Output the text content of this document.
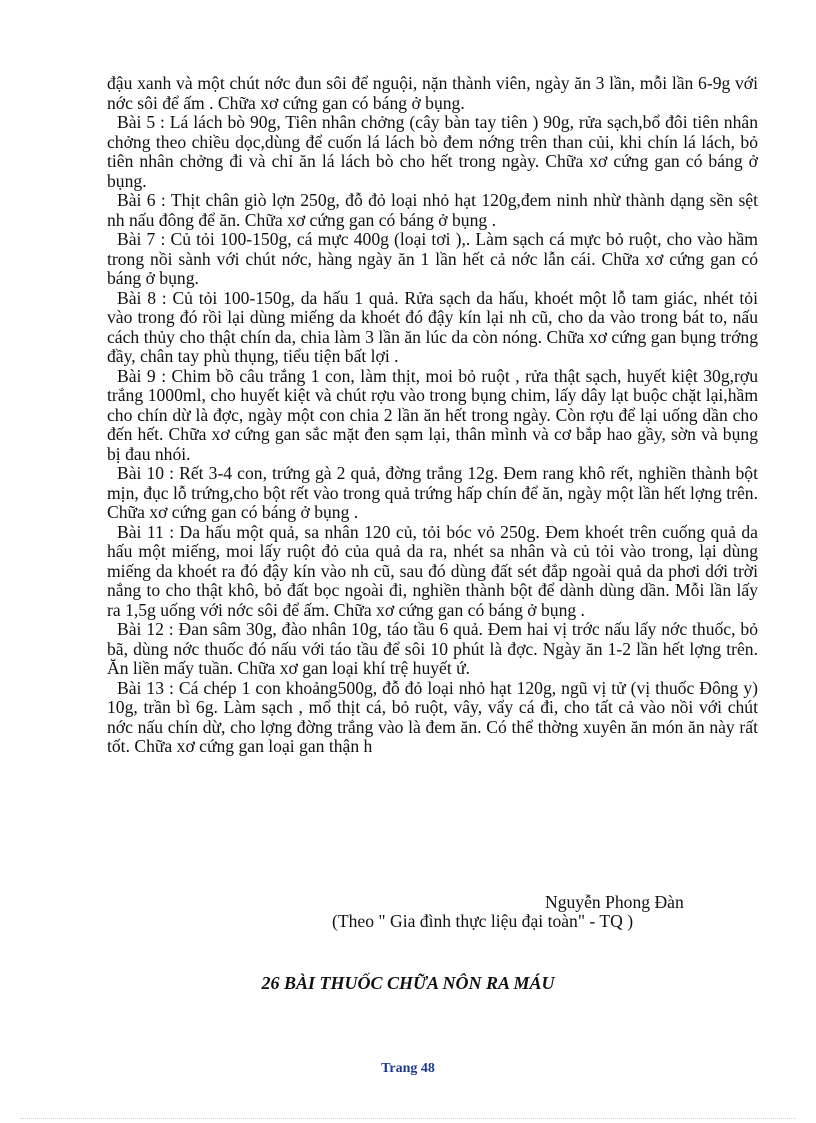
đậu xanh và một chút nớc đun sôi để nguội, nặn thành viên, ngày ăn 3 lần, mỗi lần 6-9g với nớc sôi để ấm . Chữa xơ cứng gan có báng ở bụng.

Bài 5 : Lá lách bò 90g, Tiên nhân chởng (cây bàn tay tiên ) 90g, rửa sạch,bổ đôi tiên nhân chởng theo chiều dọc,dùng để cuốn lá lách bò đem nớng trên than củi, khi chín lá lách, bỏ tiên nhân chởng đi và chỉ ăn lá lách bò cho hết trong ngày. Chữa xơ cứng gan có báng ở bụng.

Bài 6 : Thịt chân giò lợn 250g, đỗ đỏ loại nhỏ hạt 120g,đem ninh nhừ thành dạng sền sệt nh nấu đông để ăn. Chữa xơ cứng gan có báng ở bụng .

Bài 7 : Củ tỏi 100-150g, cá mực 400g (loại tơi ),. Làm sạch cá mực bỏ ruột, cho vào hầm trong nồi sành với chút nớc, hàng ngày ăn 1 lần hết cả nớc lẫn cái. Chữa xơ cứng gan có báng ở bụng.

Bài 8 : Củ tỏi 100-150g, da hấu 1 quả. Rửa sạch da hấu, khoét một lỗ tam giác, nhét tỏi vào trong đó rồi lại dùng miếng da khoét đó đậy kín lại nh cũ, cho da vào trong bát to, nấu cách thủy cho thật chín da, chia làm 3 lần ăn lúc da còn nóng. Chữa xơ cứng gan bụng trớng đầy, chân tay phù thụng, tiểu tiện bất lợi .

Bài 9 : Chim bồ câu trắng 1 con, làm thịt, moi bỏ ruột , rửa thật sạch, huyết kiệt 30g,rợu trắng 1000ml, cho huyết kiệt và chút rợu vào trong bụng chim, lấy dây lạt buộc chặt lại,hầm cho chín dừ là đợc, ngày một con chia 2 lần ăn hết trong ngày. Còn rợu để lại uống dần cho đến hết. Chữa xơ cứng gan sắc mặt đen sạm lại, thân mình và cơ bắp hao gầy, sờn và bụng bị đau nhói.

Bài 10 : Rết 3-4 con, trứng gà 2 quả, đờng trắng 12g. Đem rang khô rết, nghiền thành bột mịn, đục lỗ trứng,cho bột rết vào trong quả trứng hấp chín để ăn, ngày một lần hết lợng trên. Chữa xơ cứng gan có báng ở bụng .

Bài 11 : Da hấu một quả, sa nhân 120 củ, tỏi bóc vỏ 250g. Đem khoét trên cuống quả da hấu một miếng, moi lấy ruột đỏ của quả da ra, nhét sa nhân và củ tỏi vào trong, lại dùng miếng da khoét ra đó đậy kín vào nh cũ, sau đó dùng đất sét đắp ngoài quả da phơi dới trời nắng to cho thật khô, bỏ đất bọc ngoài đi, nghiền thành bột để dành dùng dần. Mỗi lần lấy ra 1,5g uống với nớc sôi để ấm. Chữa xơ cứng gan có báng ở bụng .

Bài 12 : Đan sâm 30g, đào nhân 10g, táo tầu 6 quả. Đem hai vị trớc nấu lấy nớc thuốc, bỏ bã, dùng nớc thuốc đó nấu với táo tầu để sôi 10 phút là đợc. Ngày ăn 1-2 lần hết lợng trên. Ăn liền mấy tuần. Chữa xơ gan loại khí trệ huyết ứ.

Bài 13 : Cá chép 1 con khoảng500g, đỗ đỏ loại nhỏ hạt 120g, ngũ vị tử (vị thuốc Đông y) 10g, trần bì 6g. Làm sạch , mổ thịt cá, bỏ ruột, vây, vẩy cá đi, cho tất cả vào nồi với chút nớc nấu chín dừ, cho lợng đờng trắng vào là đem ăn. Có thể thờng xuyên ăn món ăn này rất tốt. Chữa xơ cứng gan loại gan thận h

Nguyễn Phong Đàn
(Theo " Gia đình thực liệu đại toàn" - TQ )
26 BÀI THUỐC CHỮA NÔN RA MÁU
Trang 48
